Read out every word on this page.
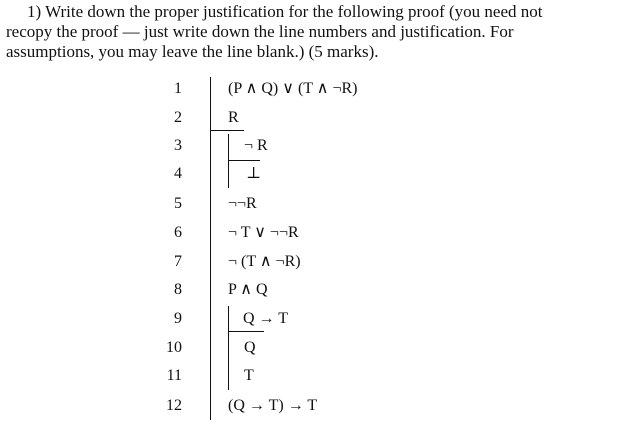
1) Write down the proper justification for the following proof (you need not
recopy the proof — just write down the line numbers and justification. For
assumptions, you may leave the line blank.) (5 marks).
1
2
3
4
5
6
7
8
9
10
11
12
(P ∧ Q) ∨ (T ∧ ¬R)
R
¬ R
⊥
¬¬R
¬ T ∨ ¬¬R
¬ (T ∧ ¬R)
P ∧ Q
Q → T
Q
T
(Q → T) → T
